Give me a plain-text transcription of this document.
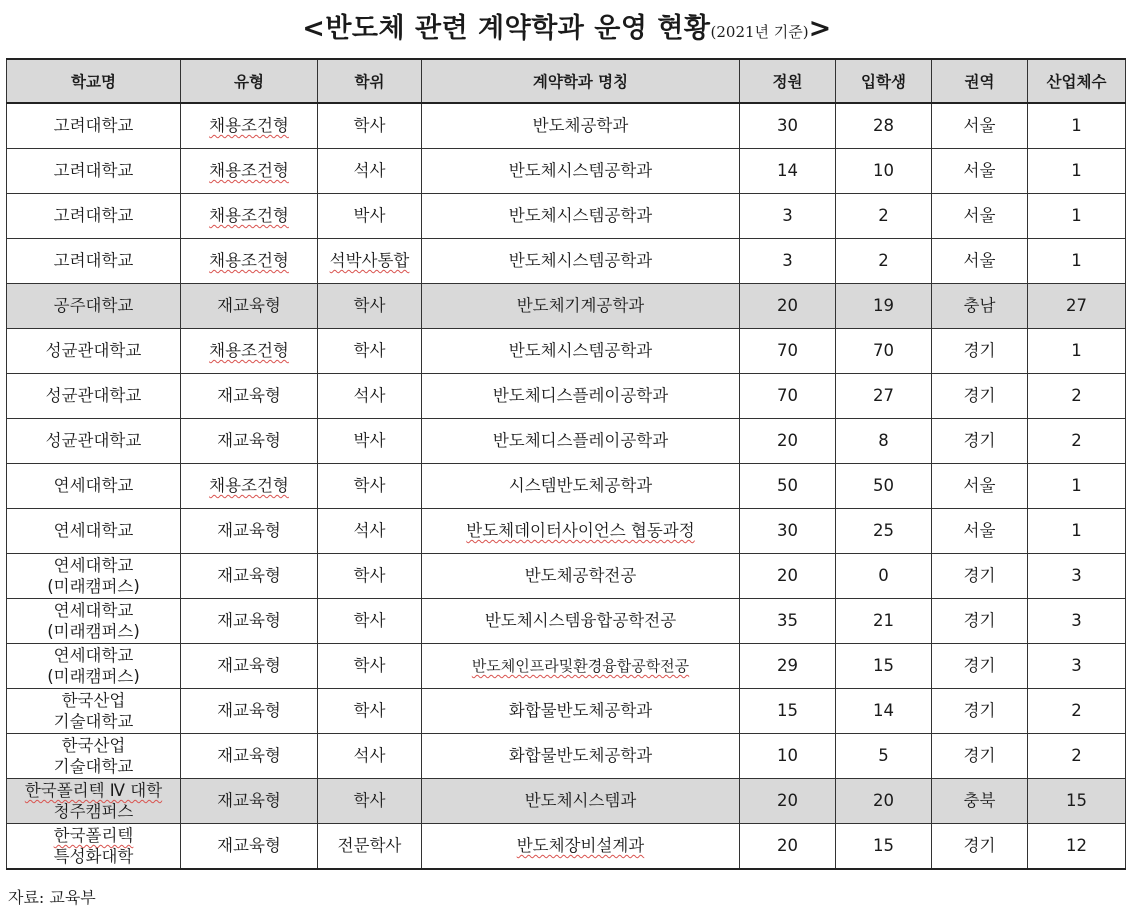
<반도체 관련 계약학과 운영 현황(2021년 기준)>
학교명	유형	학위	계약학과 명칭	정원	입학생	권역	산업체수
고려대학교	채용조건형	학사	반도체공학과	30	28	서울	1
고려대학교	채용조건형	석사	반도체시스템공학과	14	10	서울	1
고려대학교	채용조건형	박사	반도체시스템공학과	3	2	서울	1
고려대학교	채용조건형	석박사통합	반도체시스템공학과	3	2	서울	1
공주대학교	재교육형	학사	반도체기계공학과	20	19	충남	27
성균관대학교	채용조건형	학사	반도체시스템공학과	70	70	경기	1
성균관대학교	재교육형	석사	반도체디스플레이공학과	70	27	경기	2
성균관대학교	재교육형	박사	반도체디스플레이공학과	20	8	경기	2
연세대학교	채용조건형	학사	시스템반도체공학과	50	50	서울	1
연세대학교	재교육형	석사	반도체데이터사이언스 협동과정	30	25	서울	1
연세대학교
(미래캠퍼스)	재교육형	학사	반도체공학전공	20	0	경기	3
연세대학교
(미래캠퍼스)	재교육형	학사	반도체시스템융합공학전공	35	21	경기	3
연세대학교
(미래캠퍼스)	재교육형	학사	반도체인프라및환경융합공학전공	29	15	경기	3
한국산업
기술대학교	재교육형	학사	화합물반도체공학과	15	14	경기	2
한국산업
기술대학교	재교육형	석사	화합물반도체공학과	10	5	경기	2
한국폴리텍 Ⅳ 대학
청주캠퍼스	재교육형	학사	반도체시스템과	20	20	충북	15
한국폴리텍
특성화대학	재교육형	전문학사	반도체장비설계과	20	15	경기	12
자료: 교육부
